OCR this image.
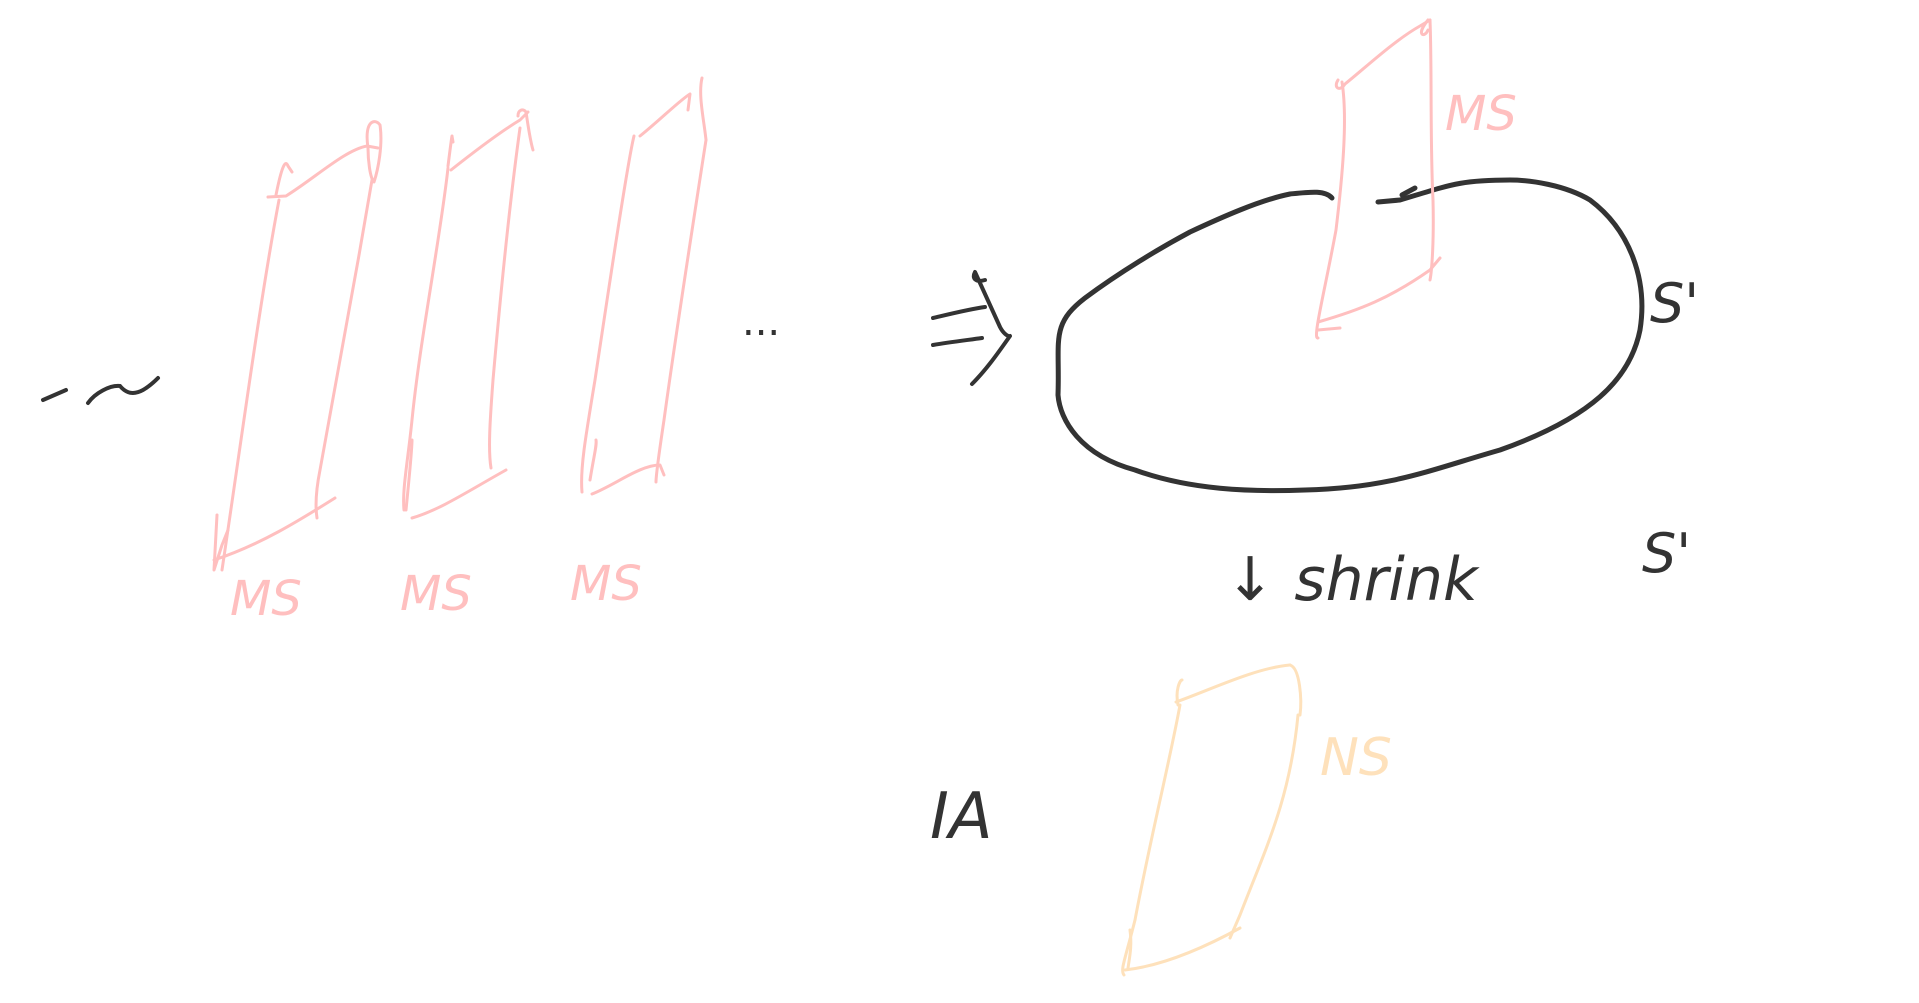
MS MS MS
...
MS
S'
↓ shrink	S'
IA
NS
